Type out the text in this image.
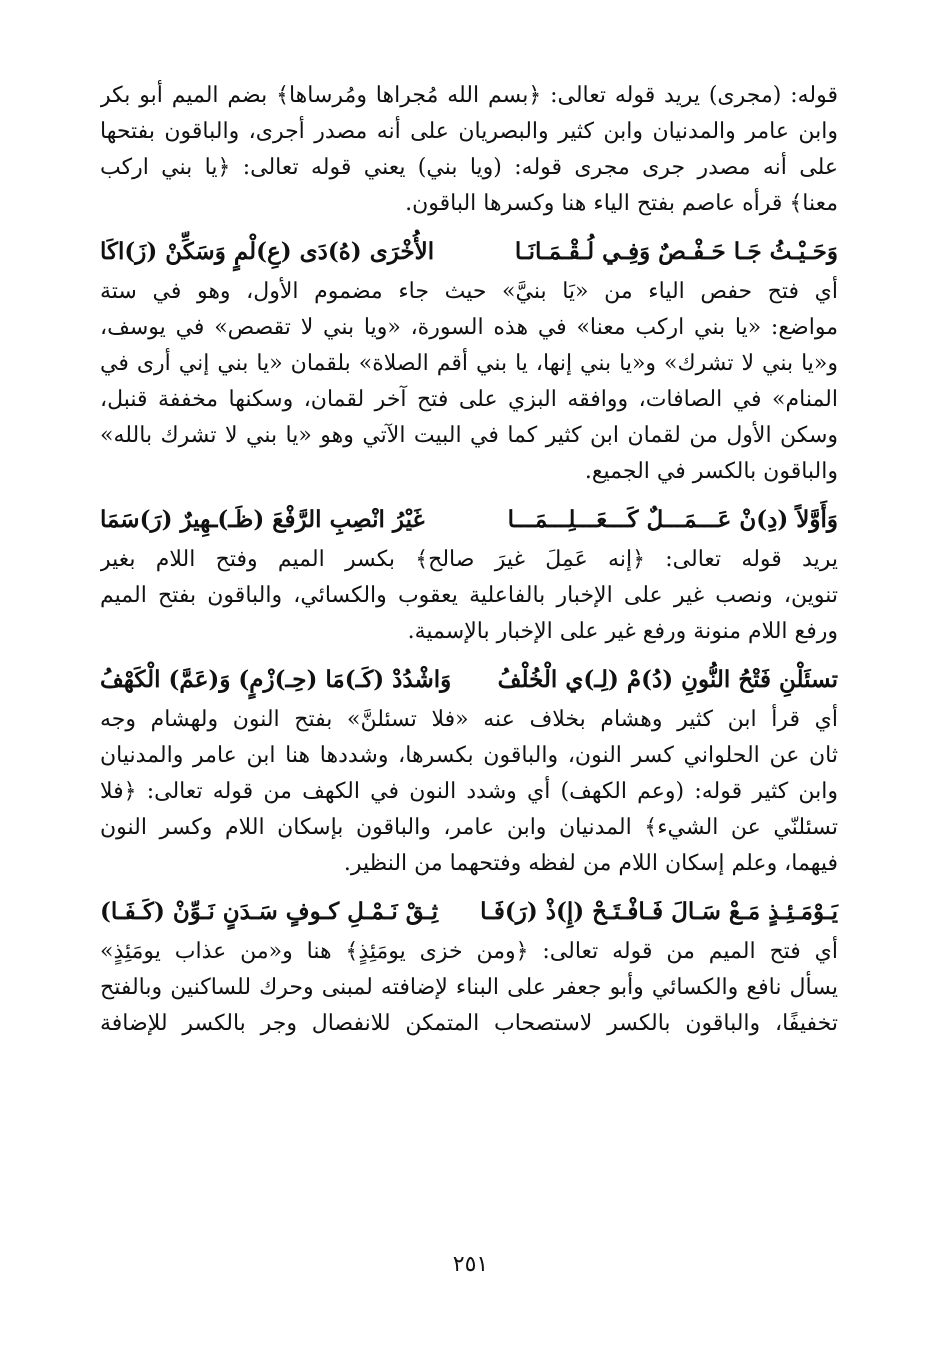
قوله: (مجرى) يريد قوله تعالى: ﴿بسم الله مُجراها ومُرساها﴾ بضم الميم أبو بكر
وابن عامر والمدنيان وابن كثير والبصريان على أنه مصدر أجرى، والباقون بفتحها
على أنه مصدر جرى مجرى قوله: (ويا بني) يعني قوله تعالى: ﴿يا بني اركب
معنا﴾ قرأه عاصم بفتح الياء هنا وكسرها الباقون.
وَحَـيْـثُ جَـا حَـفْـصٌ وَفِـي لُـقْـمَـانَـا
الأُخْرَى (هُ)دَى (عِ)لْمٍ وَسَكِّنْ (زَ)اكَا
أي فتح حفص الياء من «يَا بنيَّ» حيث جاء مضموم الأول، وهو في ستة
مواضع: «يا بني اركب معنا» في هذه السورة، «ويا بني لا تقصص» في يوسف،
و«يا بني لا تشرك» و«يا بني إنها، يا بني أقم الصلاة» بلقمان «يا بني إني أرى في
المنام» في الصافات، ووافقه البزي على فتح آخر لقمان، وسكنها مخففة قنبل،
وسكن الأول من لقمان ابن كثير كما في البيت الآتي وهو «يا بني لا تشرك بالله»
والباقون بالكسر في الجميع.
وَأَوَّلاً (دِ)نْ عَـــمَـــلٌ كَـــعَـــلِـــمَـــا
غَيْرُ انْصِبِ الرَّفْعَ (ظَـ)ـهِيرٌ (رَ)سَمَا
يريد قوله تعالى: ﴿إنه عَمِلَ غيرَ صالح﴾ بكسر الميم وفتح اللام بغير
تنوين، ونصب غير على الإخبار بالفاعلية يعقوب والكسائي، والباقون بفتح الميم
ورفع اللام منونة ورفع غير على الإخبار بالإسمية.
تسئَلْنِ فَتْحُ النُّونِ (دُ)مْ (لِـ)ي الْخُلْفُ
وَاشْدُدْ (كَـ)مَا (حِـ)زْمٍ) وَ(عَمَّ) الْكَهْفُ
أي قرأ ابن كثير وهشام بخلاف عنه «فلا تسئلنَّ» بفتح النون ولهشام وجه
ثان عن الحلواني كسر النون، والباقون بكسرها، وشددها هنا ابن عامر والمدنيان
وابن كثير قوله: (وعم الكهف) أي وشدد النون في الكهف من قوله تعالى: ﴿فلا
تسئلنّي عن الشيء﴾ المدنيان وابن عامر، والباقون بإسكان اللام وكسر النون
فيهما، وعلم إسكان اللام من لفظه وفتحهما من النظير.
يَـوْمَـئِـذٍ مَـعْ سَـالَ فَـافْـتَـحْ (إِ)ذْ (رَ)فَـا
ثِـقْ نَـمْـلِ كـوفٍ سَـدَنٍ نَـوِّنْ (كَـفَـا)
أي فتح الميم من قوله تعالى: ﴿ومن خزى يومَئِذٍ﴾ هنا و«من عذاب يومَئِذٍ»
يسأل نافع والكسائي وأبو جعفر على البناء لإضافته لمبنى وحرك للساكنين وبالفتح
تخفيفًا، والباقون بالكسر لاستصحاب المتمكن للانفصال وجر بالكسر للإضافة
٢٥١
